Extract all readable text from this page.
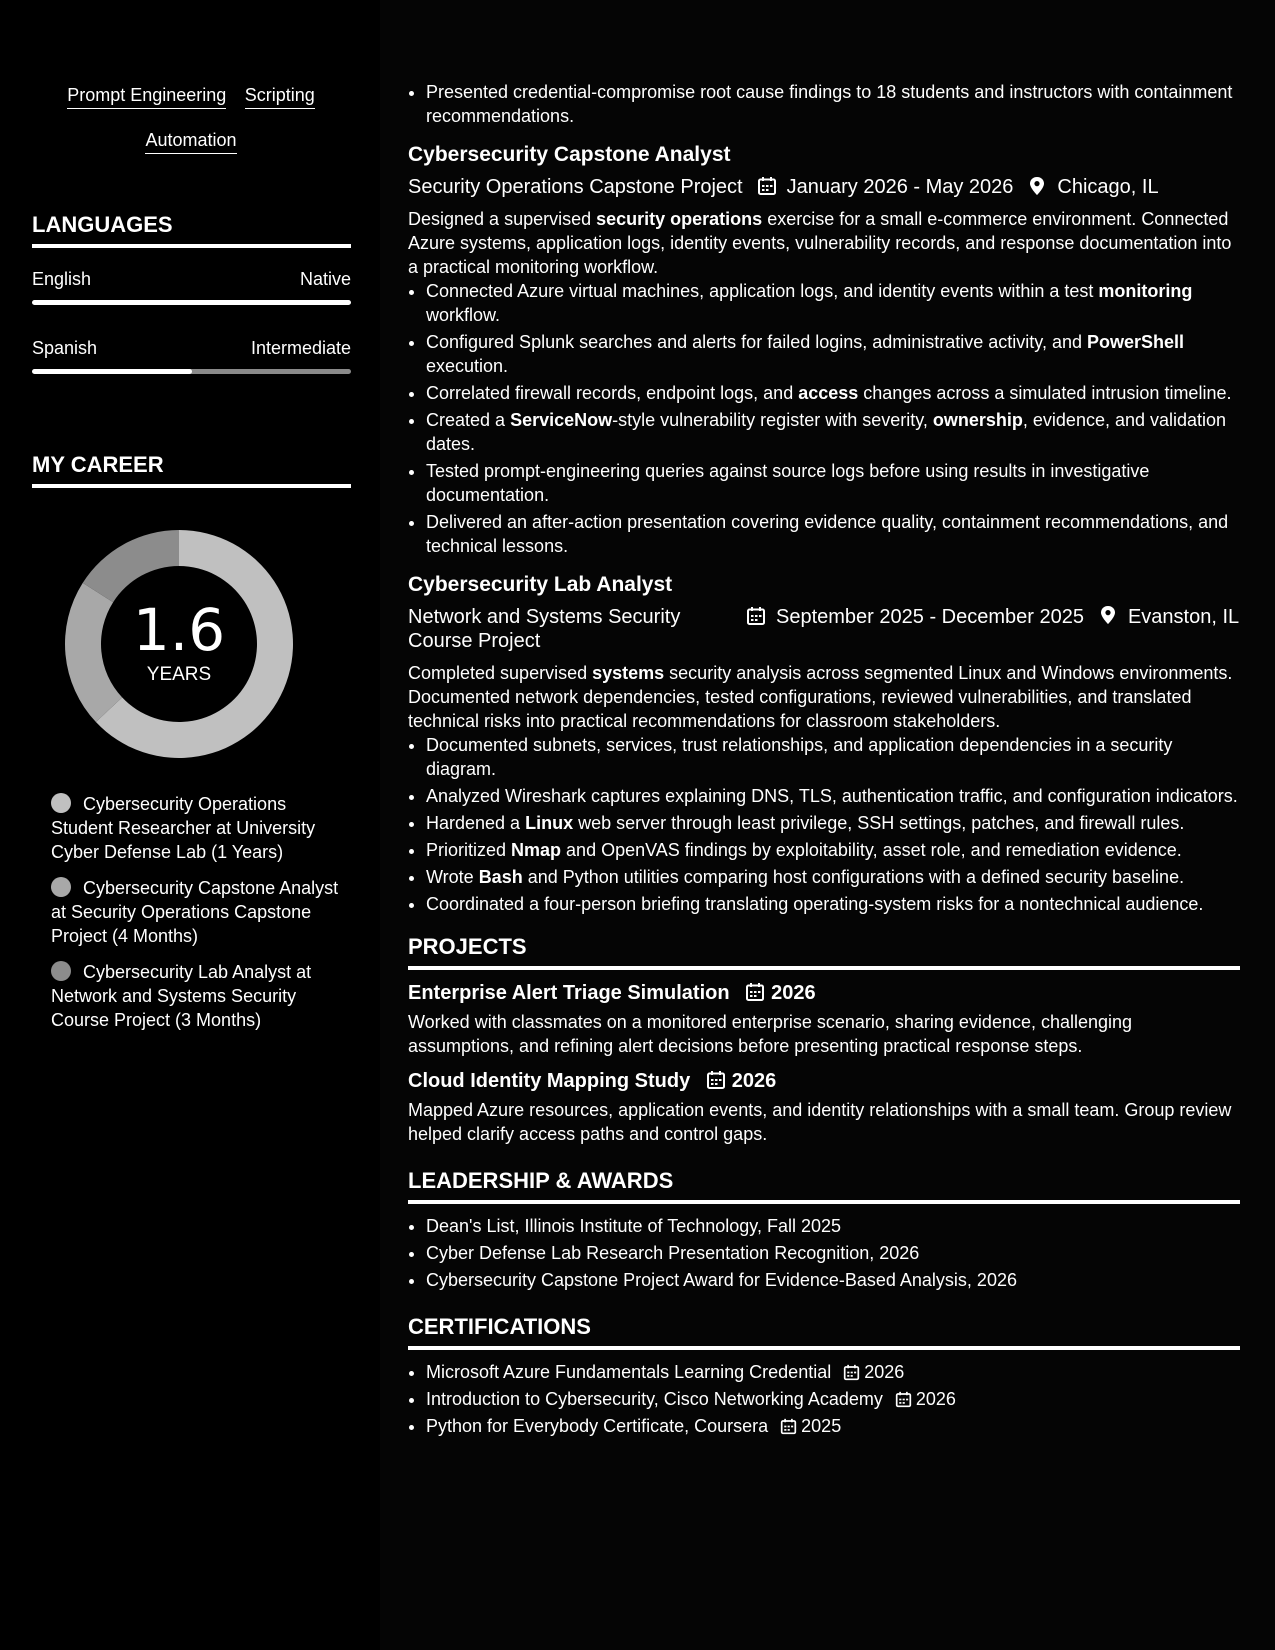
Prompt Engineering Scripting Automation
LANGUAGES
English	Native
Spanish	Intermediate
MY CAREER
1.6
YEARS
Cybersecurity Operations Student Researcher at University Cyber Defense Lab (1 Years)
Cybersecurity Capstone Analyst at Security Operations Capstone Project (4 Months)
Cybersecurity Lab Analyst at Network and Systems Security Course Project (3 Months)
• Presented credential-compromise root cause findings to 18 students and instructors with containment recommendations.
Cybersecurity Capstone Analyst
Security Operations Capstone Project	January 2026 - May 2026	Chicago, IL
Designed a supervised security operations exercise for a small e-commerce environment. Connected Azure systems, application logs, identity events, vulnerability records, and response documentation into a practical monitoring workflow.
• Connected Azure virtual machines, application logs, and identity events within a test monitoring workflow.
• Configured Splunk searches and alerts for failed logins, administrative activity, and PowerShell execution.
• Correlated firewall records, endpoint logs, and access changes across a simulated intrusion timeline.
• Created a ServiceNow-style vulnerability register with severity, ownership, evidence, and validation dates.
• Tested prompt-engineering queries against source logs before using results in investigative documentation.
• Delivered an after-action presentation covering evidence quality, containment recommendations, and technical lessons.
Cybersecurity Lab Analyst
Network and Systems Security Course Project
September 2025 - December 2025 Evanston, IL
Completed supervised systems security analysis across segmented Linux and Windows environments. Documented network dependencies, tested configurations, reviewed vulnerabilities, and translated technical risks into practical recommendations for classroom stakeholders.
• Documented subnets, services, trust relationships, and application dependencies in a security diagram.
• Analyzed Wireshark captures explaining DNS, TLS, authentication traffic, and configuration indicators.
• Hardened a Linux web server through least privilege, SSH settings, patches, and firewall rules.
• Prioritized Nmap and OpenVAS findings by exploitability, asset role, and remediation evidence.
• Wrote Bash and Python utilities comparing host configurations with a defined security baseline.
• Coordinated a four-person briefing translating operating-system risks for a nontechnical audience.
PROJECTS
Enterprise Alert Triage Simulation 2026
Worked with classmates on a monitored enterprise scenario, sharing evidence, challenging assumptions, and refining alert decisions before presenting practical response steps.
Cloud Identity Mapping Study 2026
Mapped Azure resources, application events, and identity relationships with a small team. Group review helped clarify access paths and control gaps.
LEADERSHIP & AWARDS
• Dean's List, Illinois Institute of Technology, Fall 2025
• Cyber Defense Lab Research Presentation Recognition, 2026
• Cybersecurity Capstone Project Award for Evidence-Based Analysis, 2026
CERTIFICATIONS
• Microsoft Azure Fundamentals Learning Credential 2026
• Introduction to Cybersecurity, Cisco Networking Academy 2026
• Python for Everybody Certificate, Coursera 2025
